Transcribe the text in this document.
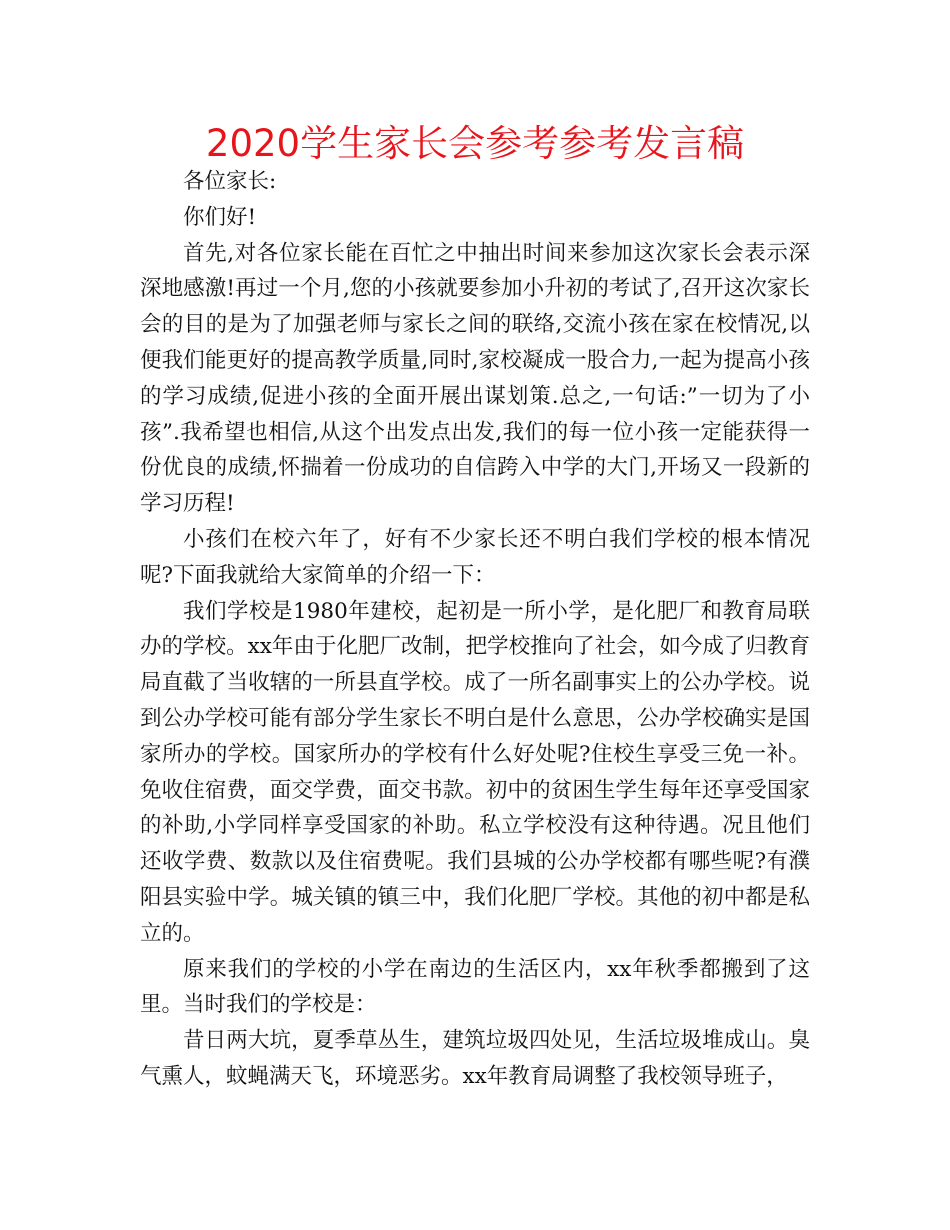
2020学生家长会参考参考发言稿

各位家长:

你们好!

首先,对各位家长能在百忙之中抽出时间来参加这次家长会表示深深地感激!再过一个月,您的小孩就要参加小升初的考试了,召开这次家长会的目的是为了加强老师与家长之间的联络,交流小孩在家在校情况,以便我们能更好的提高教学质量,同时,家校凝成一股合力,一起为提高小孩的学习成绩,促进小孩的全面开展出谋划策.总之,一句话:”一切为了小孩”.我希望也相信,从这个出发点出发,我们的每一位小孩一定能获得一份优良的成绩,怀揣着一份成功的自信跨入中学的大门,开场又一段新的学习历程!

小孩们在校六年了，好有不少家长还不明白我们学校的根本情况呢?下面我就给大家简单的介绍一下：

我们学校是1980年建校，起初是一所小学，是化肥厂和教育局联办的学校。xx年由于化肥厂改制，把学校推向了社会，如今成了归教育局直截了当收辖的一所县直学校。成了一所名副事实上的公办学校。说到公办学校可能有部分学生家长不明白是什么意思，公办学校确实是国家所办的学校。国家所办的学校有什么好处呢?住校生享受三免一补。免收住宿费，面交学费，面交书款。初中的贫困生学生每年还享受国家的补助,小学同样享受国家的补助。私立学校没有这种待遇。况且他们还收学费、数款以及住宿费呢。我们县城的公办学校都有哪些呢?有濮阳县实验中学。城关镇的镇三中，我们化肥厂学校。其他的初中都是私立的。

原来我们的学校的小学在南边的生活区内，xx年秋季都搬到了这里。当时我们的学校是：

昔日两大坑，夏季草丛生，建筑垃圾四处见，生活垃圾堆成山。臭气熏人，蚊蝇满天飞，环境恶劣。xx年教育局调整了我校领导班子，
